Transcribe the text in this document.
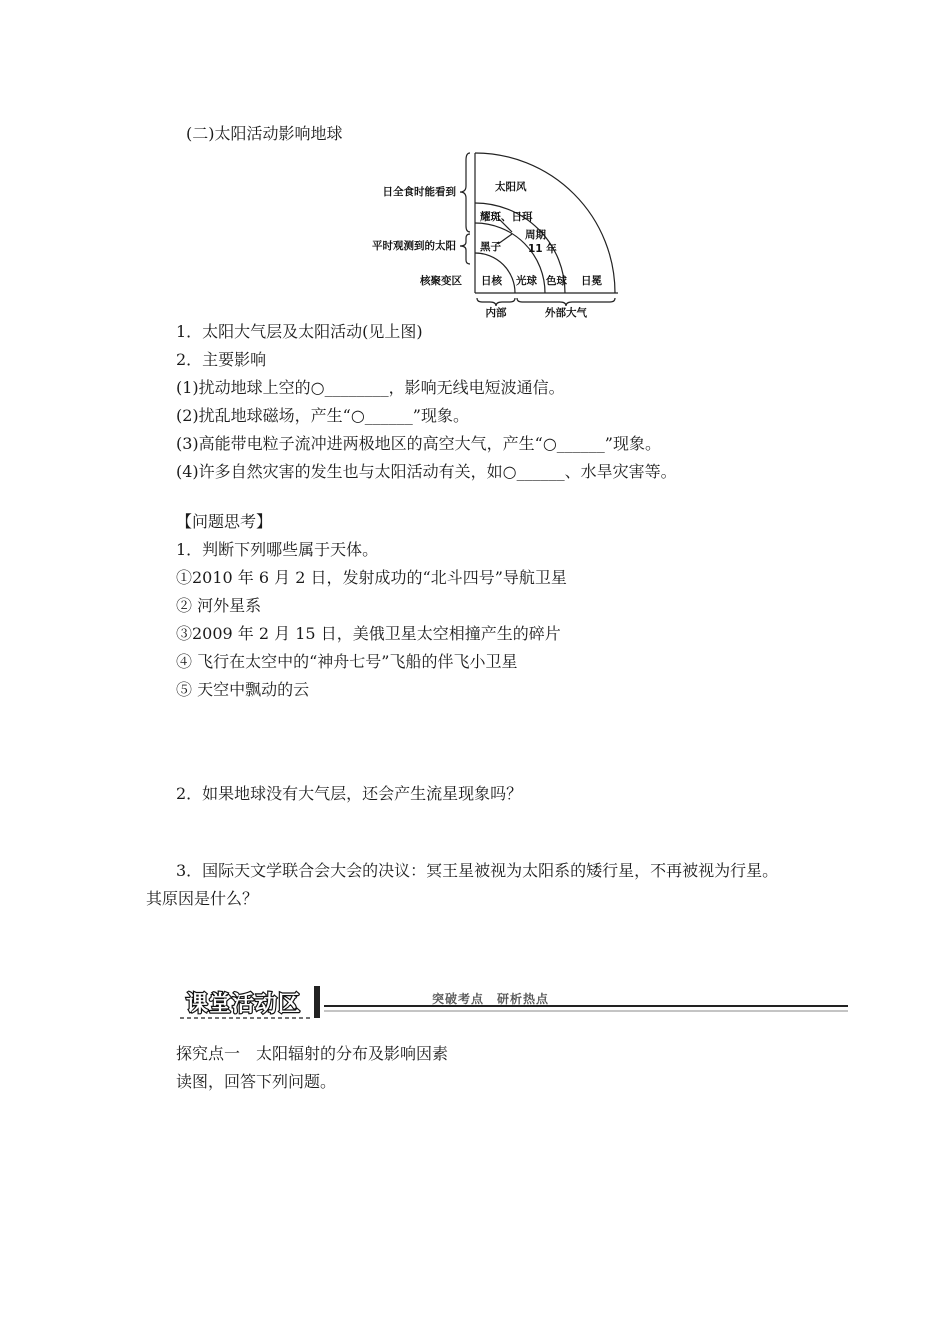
(二)太阳活动影响地球
日全食时能看到
平时观测到的太阳
核聚变区
太阳风
耀斑、日珥
周期
11 年
黑子
日核 光球 色球 日冕
内部	外部大气
1．太阳大气层及太阳活动(见上图)
2．主要影响
(1)扰动地球上空的○________，影响无线电短波通信。
(2)扰乱地球磁场，产生“○______”现象。
(3)高能带电粒子流冲进两极地区的高空大气，产生“○______”现象。
(4)许多自然灾害的发生也与太阳活动有关，如○______、水旱灾害等。
【问题思考】
1．判断下列哪些属于天体。
①2010 年 6 月 2 日，发射成功的“北斗四号”导航卫星
② 河外星系
③2009 年 2 月 15 日，美俄卫星太空相撞产生的碎片
④ 飞行在太空中的“神舟七号”飞船的伴飞小卫星
⑤ 天空中飘动的云
2．如果地球没有大气层，还会产生流星现象吗？
3．国际天文学联合会大会的决议：冥王星被视为太阳系的矮行星，不再被视为行星。
其原因是什么？
课堂活动区	突破考点　研析热点
探究点一　太阳辐射的分布及影响因素
读图，回答下列问题。
